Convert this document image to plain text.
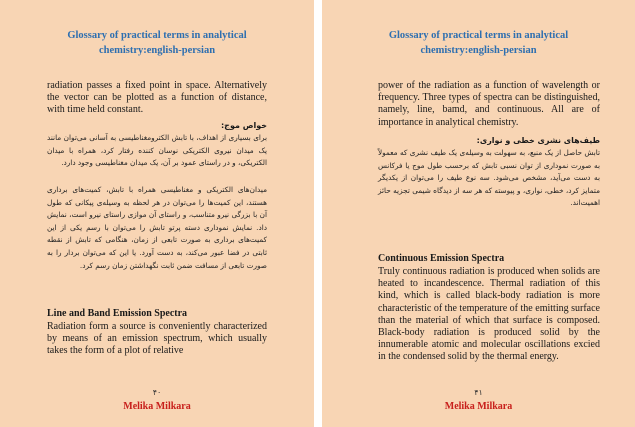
Glossary of practical terms in analytical
chemistry:english-persian
radiation passes a fixed point in space. Alternatively the vector can be plotted as a function of distance, with time held constant.
خواص موج:
برای بسیاری از اهداف، با تابش الکترومغناطیسی به آسانی می‌توان مانند یک میدان نیروی الکتریکی نوسان کننده رفتار کرد، همراه با میدان الکتریکی، و در راستای عمود بر آن، یک میدان مغناطیسی وجود دارد.
میدان‌های الکتریکی و مغناطیسی همراه با تابش، کمیت‌های برداری هستند، این کمیت‌ها را می‌توان در هر لحظه به وسیله‌ی پیکانی که طول آن با بزرگی نیرو متناسب، و راستای آن موازی راستای نیرو است، نمایش داد. نمایش نموداری دسته پرتو تابش را می‌توان با رسم یکی از این کمیت‌های برداری به صورت تابعی از زمان، هنگامی که تابش از نقطه ثابتی در فضا عبور می‌کند، به دست آورد. یا این که می‌توان بردار را به صورت تابعی از مسافت ضمن ثابت نگهداشتن زمان رسم کرد.
Line and Band Emission Spectra
Radiation form a source is conveniently characterized by means of an emission spectrum, which usually takes the form of a plot of relative
۴۰
Melika Milkara
Glossary of practical terms in analytical
chemistry:english-persian
power of the radiation as a function of wavelength or frequency. Three types of spectra can be distinguished, namely, line, bamd, and continuous. All are of importance in analytical chemistry.
طیف‌های نشری خطی و نواری:
تابش حاصل از یک منبع، به سهولت به وسیله‌ی یک طیف نشری که معمولاً به صورت نموداری از توان نسبی تابش که برحسب طول موج یا فرکانس به دست می‌آید، مشخص می‌شود. سه نوع طیف را می‌توان از یکدیگر متمایز کرد، خطی، نواری، و پیوسته که هر سه از دیدگاه شیمی تجزیه حائز اهمیت‌اند.
Continuous Emission Spectra
Truly continuous radiation is produced when solids are heated to incandescence. Thermal radiation of this kind, which is called black-body radiation is more characteristic of the temperature of the emitting surface than the material of which that surface is composed. Black-body radiation is produced solid by the innumerable atomic and molecular oscillations excied in the condensed solid by the thermal energy.
۴۱
Melika Milkara
